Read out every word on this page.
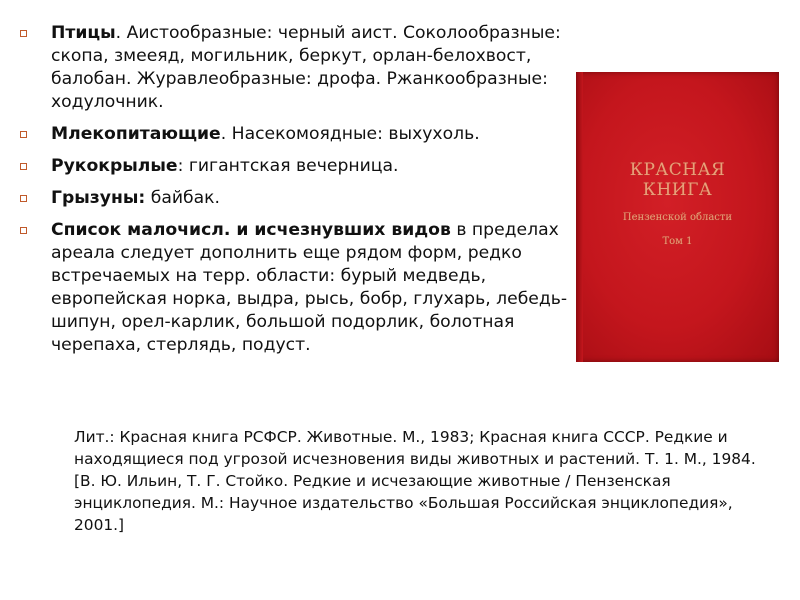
Птицы. Аистообразные: черный аист. Соколообразные: скопа, змееяд, могильник, беркут, орлан-белохвост, балобан. Журавлеобразные: дрофа. Ржанкообразные: ходулочник.
Млекопитающие. Насекомоядные: выхухоль.
Рукокрылые: гигантская вечерница.
Грызуны: байбак.
Список малочисл. и исчезнувших видов в пределах ареала следует дополнить еще рядом форм, редко встречаемых на терр. области: бурый медведь, европейская норка, выдра, рысь, бобр, глухарь, лебедь-шипун, орел-карлик, большой подорлик, болотная черепаха, стерлядь, подуст.
КРАСНАЯ
КНИГА
Пензенской области
Том 1

Лит.: Красная книга РСФСР. Животные. М., 1983; Красная книга СССР. Редкие и находящиеся под угрозой исчезновения виды животных и растений. Т. 1. М., 1984.

[В. Ю. Ильин, Т. Г. Стойко. Редкие и исчезающие животные / Пензенская энциклопедия. М.: Научное издательство «Большая Российская энциклопедия», 2001.]
